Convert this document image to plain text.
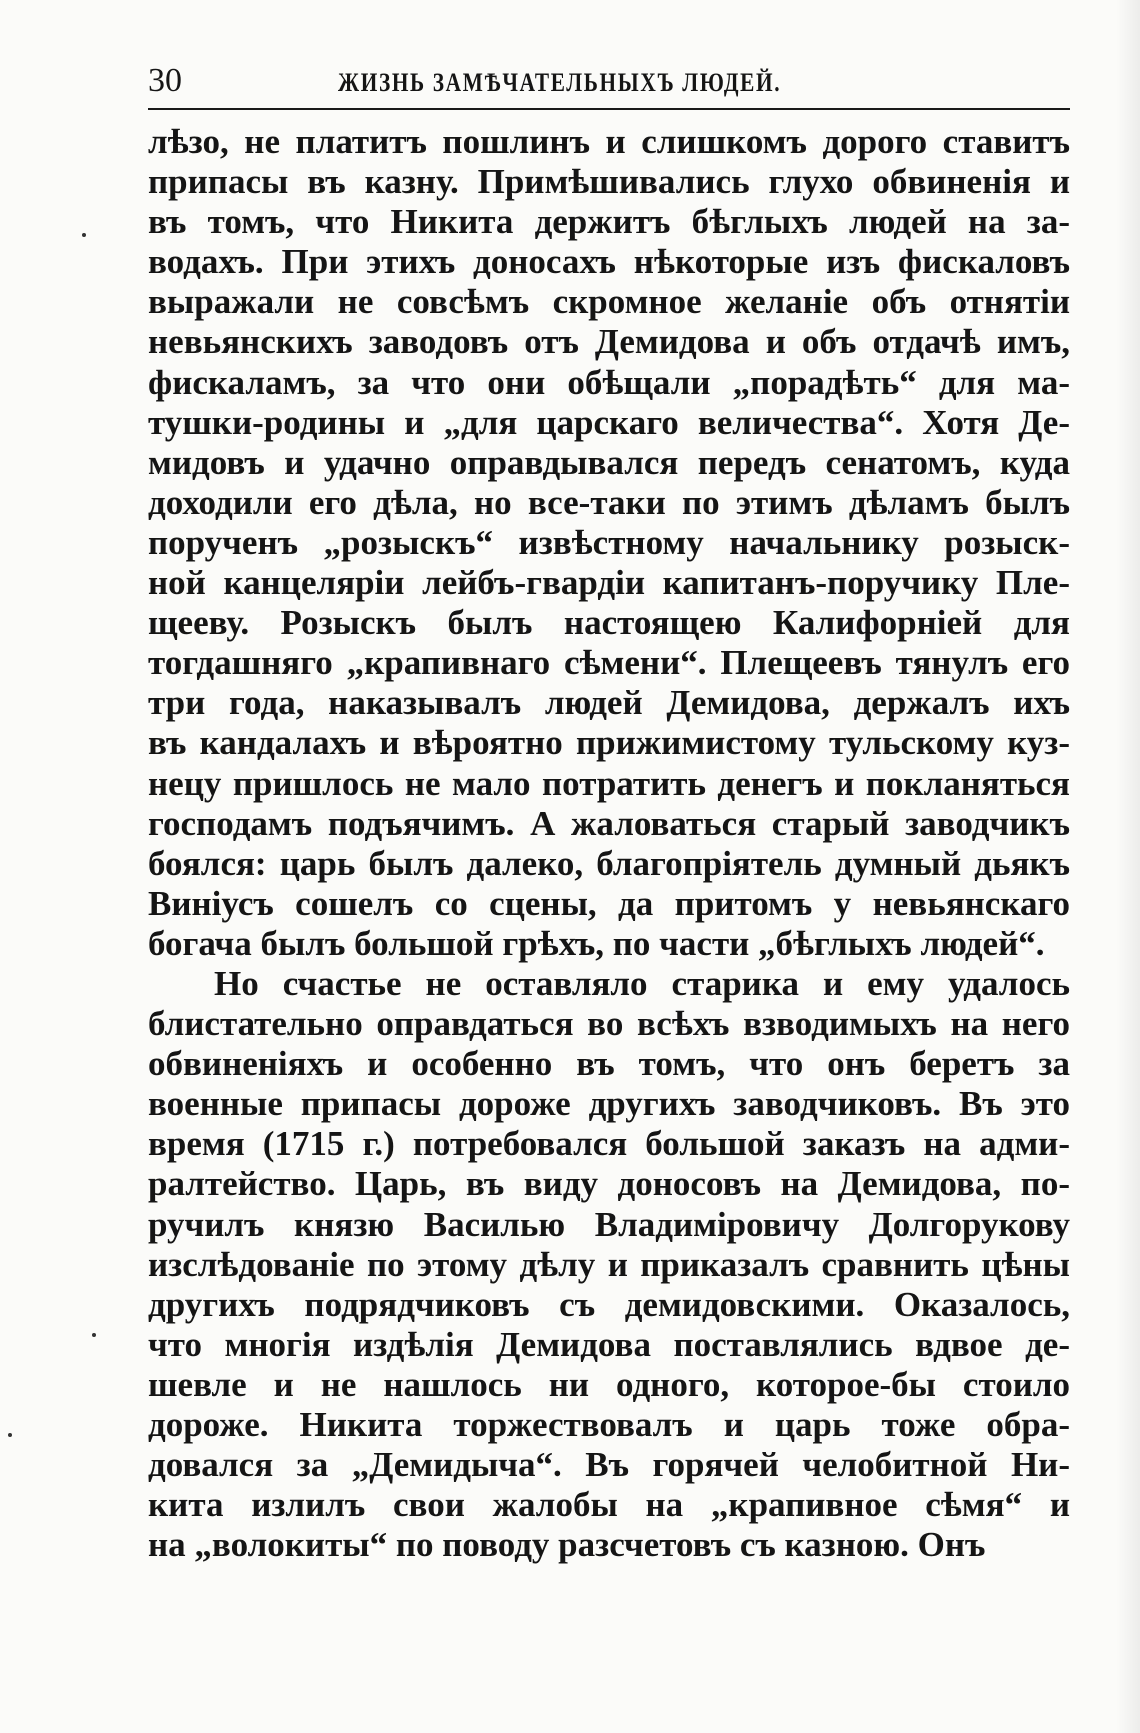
30	ЖИЗНЬ ЗАМѢЧАТЕЛЬНЫХЪ ЛЮДЕЙ.
лѣзо, не платитъ пошлинъ и слишкомъ дорого ставитъ
припасы въ казну. Примѣшивались глухо обвиненія и
въ томъ, что Никита держитъ бѣглыхъ людей на за-
водахъ. При этихъ доносахъ нѣкоторые изъ фискаловъ
выражали не совсѣмъ скромное желаніе объ отнятіи
невьянскихъ заводовъ отъ Демидова и объ отдачѣ имъ,
фискаламъ, за что они обѣщали „порадѣть“ для ма-
тушки-родины и „для царскаго величества“. Хотя Де-
мидовъ и удачно оправдывался передъ сенатомъ, куда
доходили его дѣла, но все-таки по этимъ дѣламъ былъ
порученъ „розыскъ“ извѣстному начальнику розыск-
ной канцеляріи лейбъ-гвардіи капитанъ-поручику Пле-
щееву. Розыскъ былъ настоящею Калифорніей для
тогдашняго „крапивнаго сѣмени“. Плещеевъ тянулъ его
три года, наказывалъ людей Демидова, держалъ ихъ
въ кандалахъ и вѣроятно прижимистому тульскому куз-
нецу пришлось не мало потратить денегъ и покланяться
господамъ подъячимъ. А жаловаться старый заводчикъ
боялся: царь былъ далеко, благопріятель думный дьякъ
Виніусъ сошелъ со сцены, да притомъ у невьянскаго
богача былъ большой грѣхъ, по части „бѣглыхъ людей“.
Но счастье не оставляло старика и ему удалось
блистательно оправдаться во всѣхъ взводимыхъ на него
обвиненіяхъ и особенно въ томъ, что онъ беретъ за
военные припасы дороже другихъ заводчиковъ. Въ это
время (1715 г.) потребовался большой заказъ на адми-
ралтейство. Царь, въ виду доносовъ на Демидова, по-
ручилъ князю Василью Владиміровичу Долгорукову
изслѣдованіе по этому дѣлу и приказалъ сравнить цѣны
другихъ подрядчиковъ съ демидовскими. Оказалось,
что многія издѣлія Демидова поставлялись вдвое де-
шевле и не нашлось ни одного, которое-бы стоило
дороже. Никита торжествовалъ и царь тоже обра-
довался за „Демидыча“. Въ горячей челобитной Ни-
кита излилъ свои жалобы на „крапивное сѣмя“ и
на „волокиты“ по поводу разсчетовъ съ казною. Онъ
